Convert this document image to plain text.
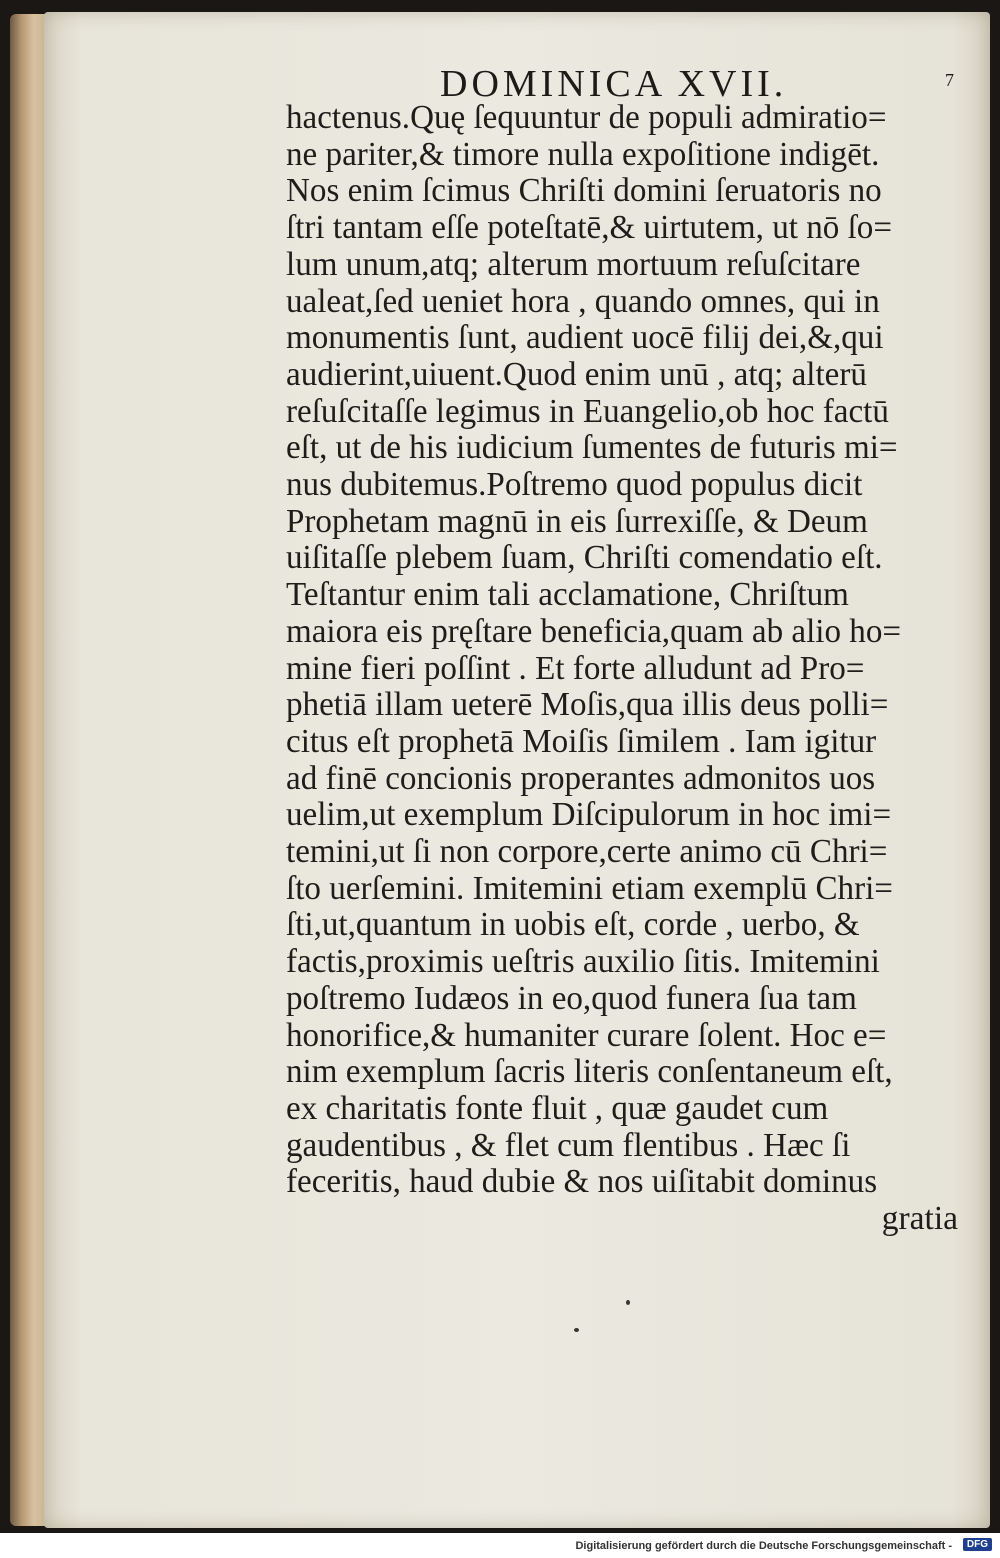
DOMINICA XVII.	7
hactenus.Quę ſequuntur de populi admiratio=
ne pariter,& timore nulla expoſitione indigēt.
Nos enim ſcimus Chriſti domini ſeruatoris no
ſtri tantam eſſe poteſtatē,& uirtutem, ut nō ſo=
lum unum,atq; alterum mortuum reſuſcitare
ualeat,ſed ueniet hora , quando omnes, qui in
monumentis ſunt, audient uocē filij dei,&,qui
audierint,uiuent.Quod enim unū , atq; alterū
reſuſcitaſſe legimus in Euangelio,ob hoc factū
eſt, ut de his iudicium ſumentes de futuris mi=
nus dubitemus.Poſtremo quod populus dicit
Prophetam magnū in eis ſurrexiſſe, & Deum
uiſitaſſe plebem ſuam, Chriſti comendatio eſt.
Teſtantur enim tali acclamatione, Chriſtum
maiora eis pręſtare beneficia,quam ab alio ho=
mine fieri poſſint . Et forte alludunt ad Pro=
phetiā illam ueterē Moſis,qua illis deus polli=
citus eſt prophetā Moiſis ſimilem . Iam igitur
ad finē concionis properantes admonitos uos
uelim,ut exemplum Diſcipulorum in hoc imi=
temini,ut ſi non corpore,certe animo cū Chri=
ſto uerſemini. Imitemini etiam exemplū Chri=
ſti,ut,quantum in uobis eſt, corde , uerbo, &
factis,proximis ueſtris auxilio ſitis. Imitemini
poſtremo Iudæos in eo,quod funera ſua tam
honorifice,& humaniter curare ſolent. Hoc e=
nim exemplum ſacris literis conſentaneum eſt,
ex charitatis fonte fluit , quæ gaudet cum
gaudentibus , & flet cum flentibus . Hæc ſi
feceritis, haud dubie & nos uiſitabit dominus
gratia
Digitalisierung gefördert durch die Deutsche Forschungsgemeinschaft -	DFG
